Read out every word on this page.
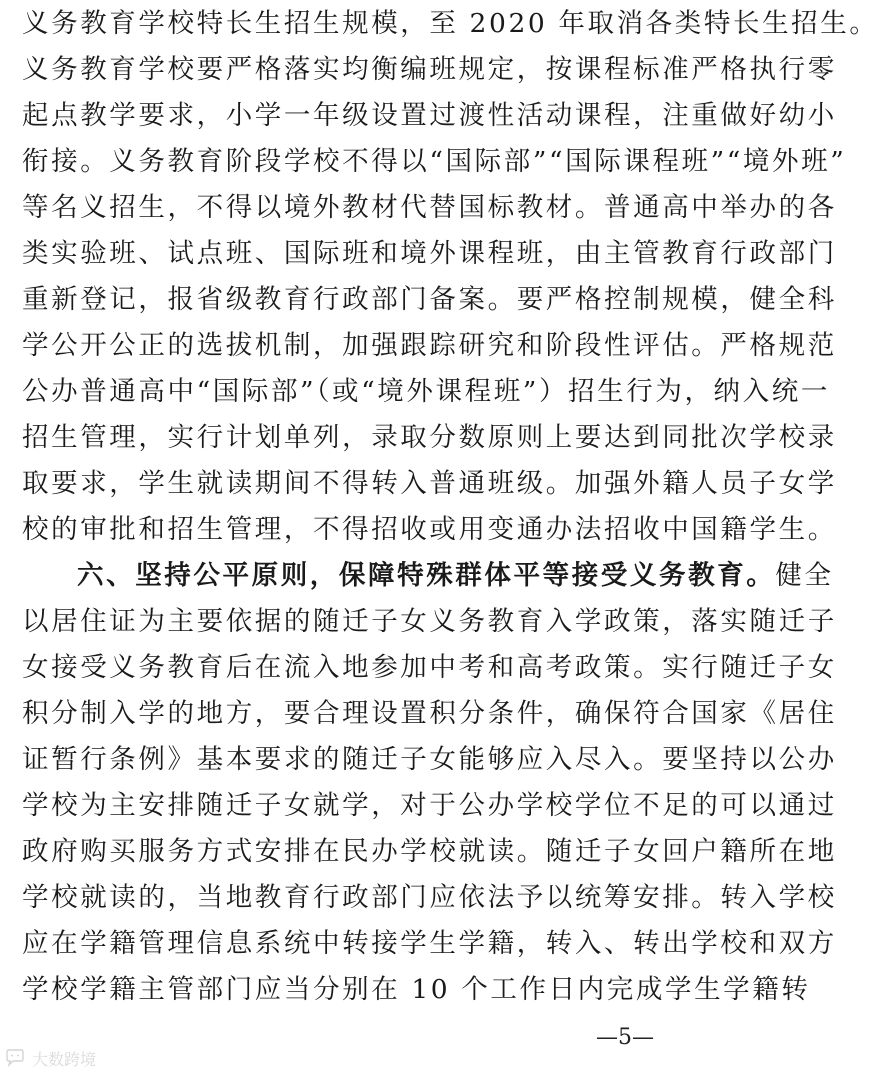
义务教育学校特长生招生规模，至 2020 年取消各类特长生招生。
义务教育学校要严格落实均衡编班规定，按课程标准严格执行零
起点教学要求，小学一年级设置过渡性活动课程，注重做好幼小
衔接。义务教育阶段学校不得以“国际部”“国际课程班”“境外班”
等名义招生，不得以境外教材代替国标教材。普通高中举办的各
类实验班、试点班、国际班和境外课程班，由主管教育行政部门
重新登记，报省级教育行政部门备案。要严格控制规模，健全科
学公开公正的选拔机制，加强跟踪研究和阶段性评估。严格规范
公办普通高中“国际部”（或“境外课程班”）招生行为，纳入统一
招生管理，实行计划单列，录取分数原则上要达到同批次学校录
取要求，学生就读期间不得转入普通班级。加强外籍人员子女学
校的审批和招生管理，不得招收或用变通办法招收中国籍学生。
六、坚持公平原则，保障特殊群体平等接受义务教育。健全
以居住证为主要依据的随迁子女义务教育入学政策，落实随迁子
女接受义务教育后在流入地参加中考和高考政策。实行随迁子女
积分制入学的地方，要合理设置积分条件，确保符合国家《居住
证暂行条例》基本要求的随迁子女能够应入尽入。要坚持以公办
学校为主安排随迁子女就学，对于公办学校学位不足的可以通过
政府购买服务方式安排在民办学校就读。随迁子女回户籍所在地
学校就读的，当地教育行政部门应依法予以统筹安排。转入学校
应在学籍管理信息系统中转接学生学籍，转入、转出学校和双方
学校学籍主管部门应当分别在 10 个工作日内完成学生学籍转
—5—
大数跨境
